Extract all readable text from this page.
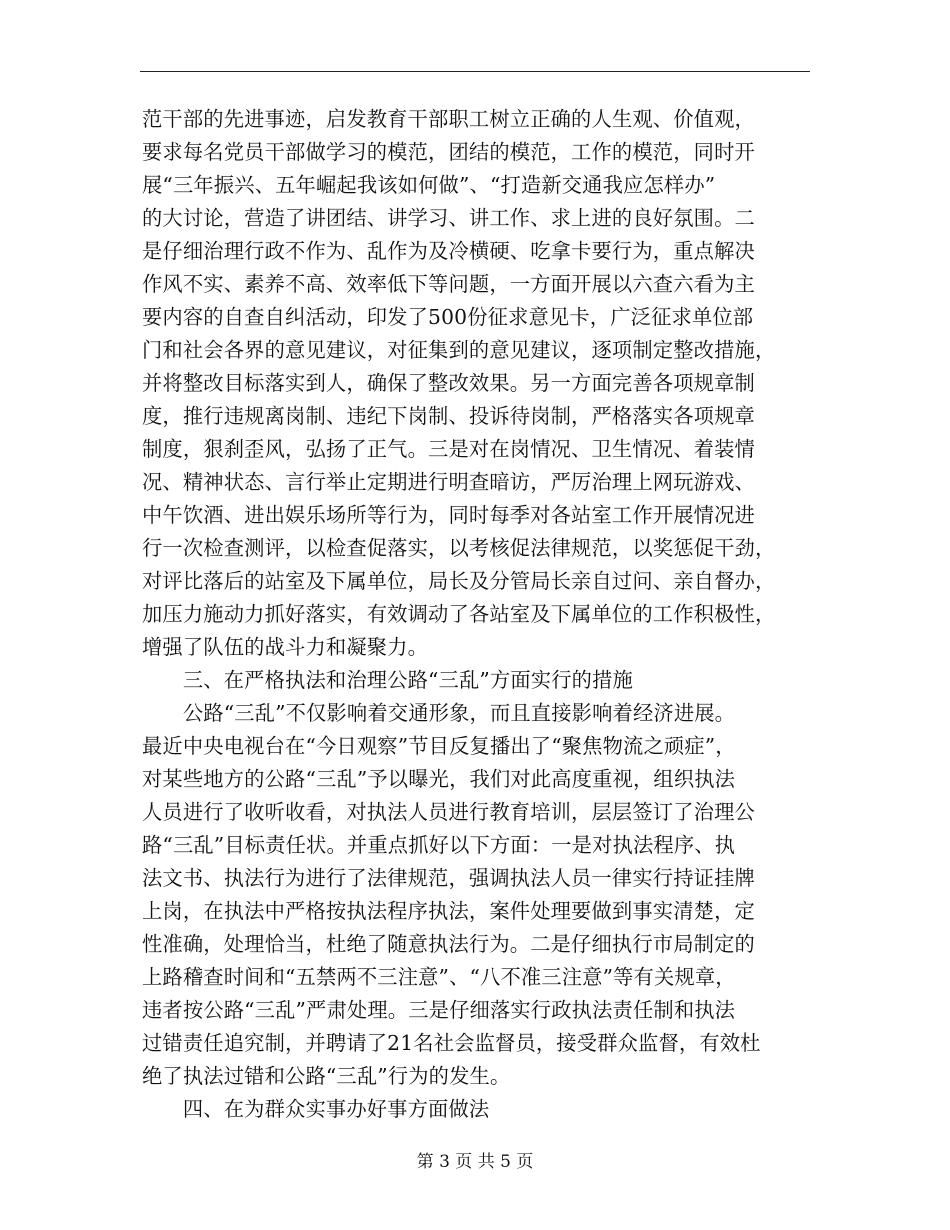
范干部的先进事迹，启发教育干部职工树立正确的人生观、价值观，
要求每名党员干部做学习的模范，团结的模范，工作的模范，同时开
展“三年振兴、五年崛起我该如何做”、“打造新交通我应怎样办”
的大讨论，营造了讲团结、讲学习、讲工作、求上进的良好氛围。二
是仔细治理行政不作为、乱作为及冷横硬、吃拿卡要行为，重点解决
作风不实、素养不高、效率低下等问题，一方面开展以六查六看为主
要内容的自查自纠活动，印发了500份征求意见卡，广泛征求单位部
门和社会各界的意见建议，对征集到的意见建议，逐项制定整改措施，
并将整改目标落实到人，确保了整改效果。另一方面完善各项规章制
度，推行违规离岗制、违纪下岗制、投诉待岗制，严格落实各项规章
制度，狠刹歪风，弘扬了正气。三是对在岗情况、卫生情况、着装情
况、精神状态、言行举止定期进行明查暗访，严厉治理上网玩游戏、
中午饮酒、进出娱乐场所等行为，同时每季对各站室工作开展情况进
行一次检查测评，以检查促落实，以考核促法律规范，以奖惩促干劲，
对评比落后的站室及下属单位，局长及分管局长亲自过问、亲自督办，
加压力施动力抓好落实，有效调动了各站室及下属单位的工作积极性，
增强了队伍的战斗力和凝聚力。
　　三、在严格执法和治理公路“三乱”方面实行的措施
　　公路“三乱”不仅影响着交通形象，而且直接影响着经济进展。
最近中央电视台在“今日观察”节目反复播出了“聚焦物流之顽症”，
对某些地方的公路“三乱”予以曝光，我们对此高度重视，组织执法
人员进行了收听收看，对执法人员进行教育培训，层层签订了治理公
路“三乱”目标责任状。并重点抓好以下方面：一是对执法程序、执
法文书、执法行为进行了法律规范，强调执法人员一律实行持证挂牌
上岗，在执法中严格按执法程序执法，案件处理要做到事实清楚，定
性准确，处理恰当，杜绝了随意执法行为。二是仔细执行市局制定的
上路稽查时间和“五禁两不三注意”、“八不准三注意”等有关规章，
违者按公路“三乱”严肃处理。三是仔细落实行政执法责任制和执法
过错责任追究制，并聘请了21名社会监督员，接受群众监督，有效杜
绝了执法过错和公路“三乱”行为的发生。
　　四、在为群众实事办好事方面做法
第 3 页 共 5 页
